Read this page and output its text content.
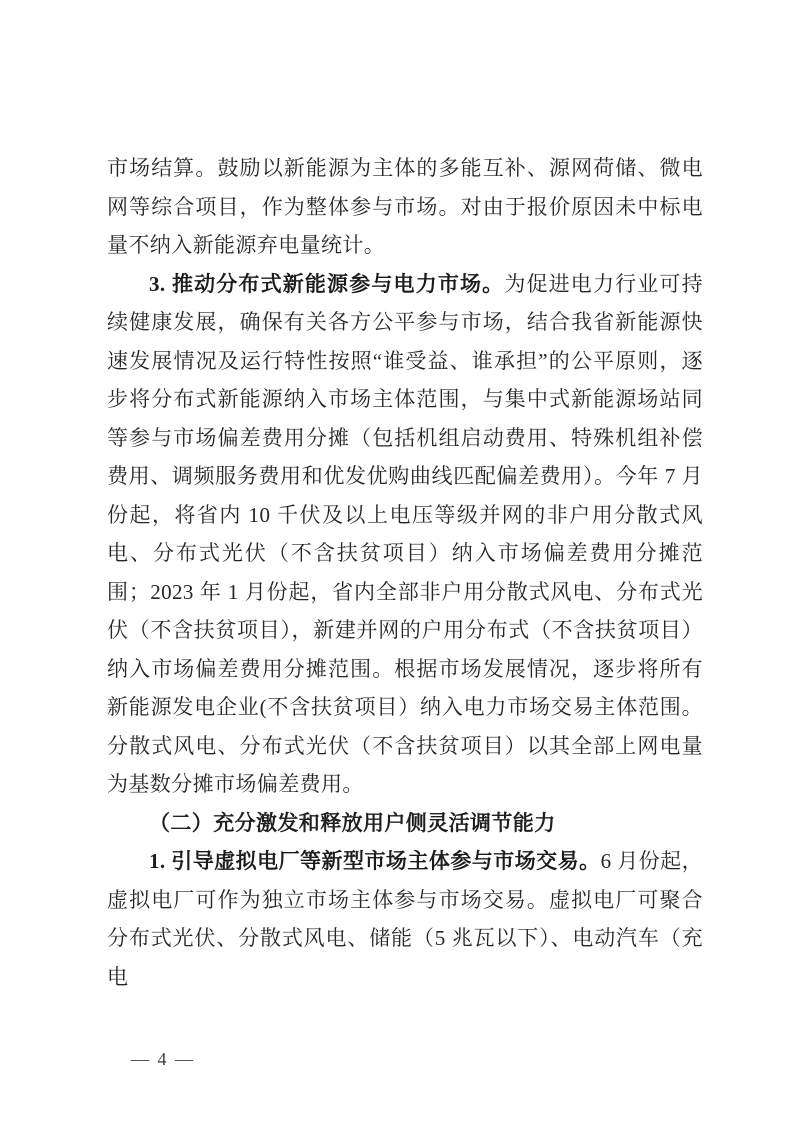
市场结算。鼓励以新能源为主体的多能互补、源网荷储、微电网等综合项目，作为整体参与市场。对由于报价原因未中标电量不纳入新能源弃电量统计。

3. 推动分布式新能源参与电力市场。为促进电力行业可持续健康发展，确保有关各方公平参与市场，结合我省新能源快速发展情况及运行特性按照“谁受益、谁承担”的公平原则，逐步将分布式新能源纳入市场主体范围，与集中式新能源场站同等参与市场偏差费用分摊（包括机组启动费用、特殊机组补偿费用、调频服务费用和优发优购曲线匹配偏差费用）。今年 7 月份起，将省内 10 千伏及以上电压等级并网的非户用分散式风电、分布式光伏（不含扶贫项目）纳入市场偏差费用分摊范围；2023 年 1 月份起，省内全部非户用分散式风电、分布式光伏（不含扶贫项目），新建并网的户用分布式（不含扶贫项目）纳入市场偏差费用分摊范围。根据市场发展情况，逐步将所有新能源发电企业(不含扶贫项目）纳入电力市场交易主体范围。分散式风电、分布式光伏（不含扶贫项目）以其全部上网电量为基数分摊市场偏差费用。

（二）充分激发和释放用户侧灵活调节能力

1. 引导虚拟电厂等新型市场主体参与市场交易。6 月份起，虚拟电厂可作为独立市场主体参与市场交易。虚拟电厂可聚合分布式光伏、分散式风电、储能（5 兆瓦以下）、电动汽车（充电

— 4 —
